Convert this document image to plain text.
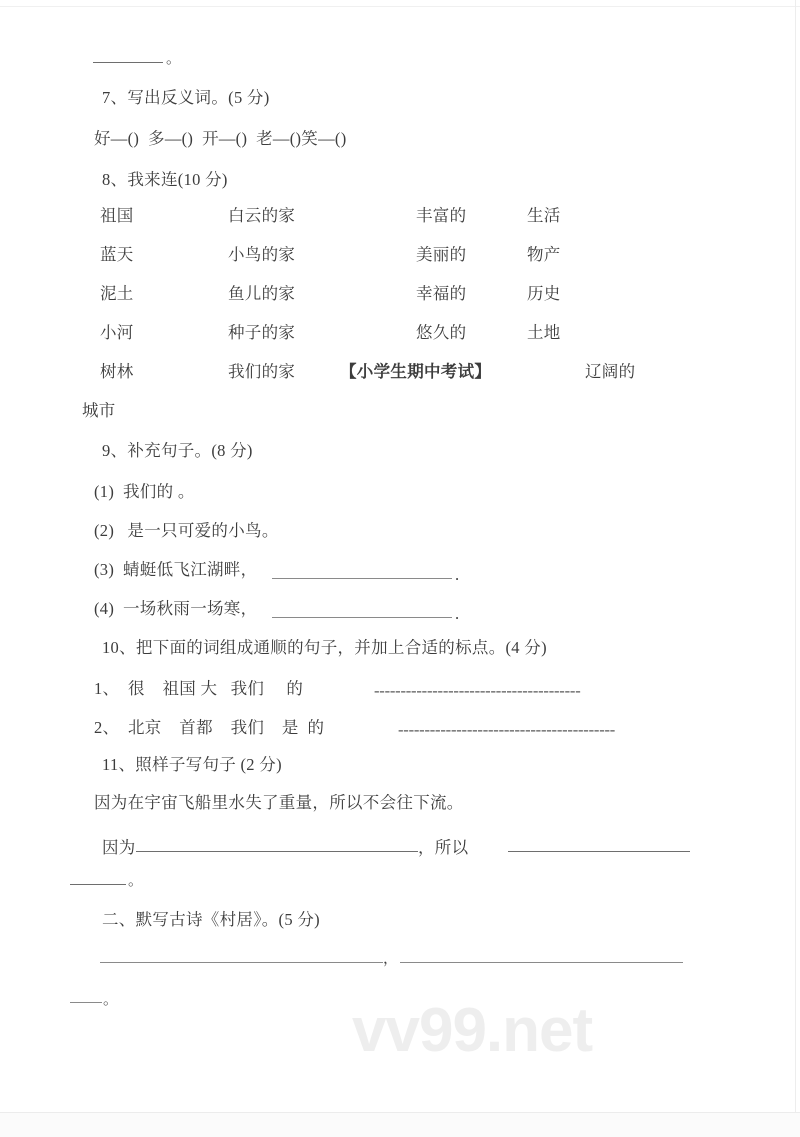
。
7、写出反义词。(5 分)
好—()  多—()  开—()  老—()笑—()
8、我来连(10 分)
祖国	白云的家	丰富的	生活
蓝天	小鸟的家	美丽的	物产
泥土	鱼儿的家	幸福的	历史
小河	种子的家	悠久的	土地
树林	我们的家	【小学生期中考试】	辽阔的
城市
9、补充句子。(8 分)
(1) 我们的 。
(2) 是一只可爱的小鸟。
(3) 蜻蜓低飞江湖畔，	.
(4) 一场秋雨一场寒，	.
10、把下面的词组成通顺的句子，并加上合适的标点。(4 分)
1、 很    祖国 大   我们     的	---------------------------------------
2、 北京    首都    我们    是  的	-----------------------------------------
11、照样子写句子 (2 分)
因为在宇宙飞船里水失了重量，所以不会往下流。
因为	，所以
。
二、默写古诗《村居》。(5 分)
，
。	vv99.net
